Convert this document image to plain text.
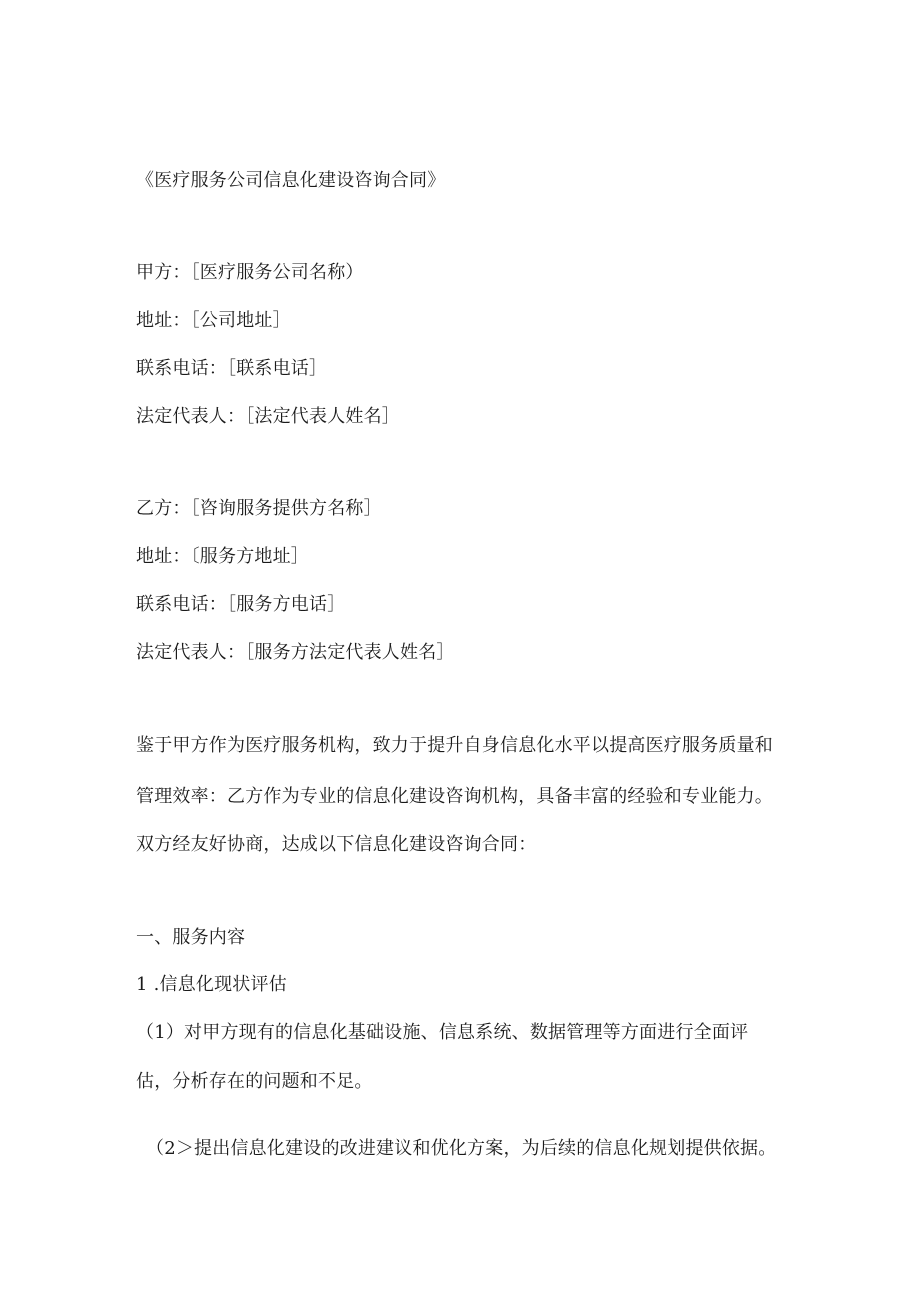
《医疗服务公司信息化建设咨询合同》
甲方：［医疗服务公司名称）
地址：［公司地址］
联系电话：［联系电话］
法定代表人：［法定代表人姓名］
乙方：［咨询服务提供方名称］
地址：〔服务方地址］
联系电话：［服务方电话］
法定代表人：［服务方法定代表人姓名］
鉴于甲方作为医疗服务机构，致力于提升自身信息化水平以提高医疗服务质量和
管理效率：乙方作为专业的信息化建设咨询机构，具备丰富的经验和专业能力。
双方经友好协商，达成以下信息化建设咨询合同：
一、服务内容
1 .信息化现状评估
（1）对甲方现有的信息化基础设施、信息系统、数据管理等方面进行全面评
估，分析存在的问题和不足。
（2＞提出信息化建设的改进建议和优化方案，为后续的信息化规划提供依据。
